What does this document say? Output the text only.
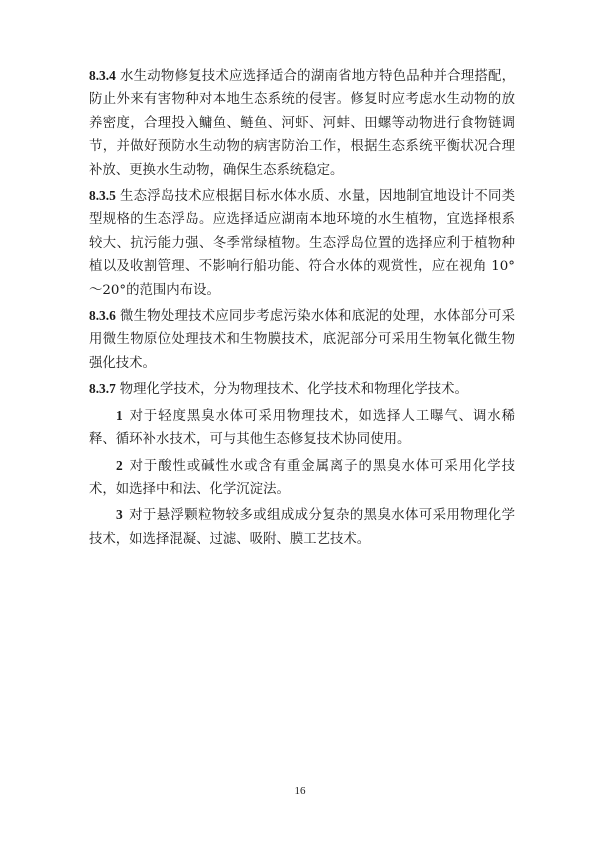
8.3.4 水生动物修复技术应选择适合的湖南省地方特色品种并合理搭配，防止外来有害物种对本地生态系统的侵害。修复时应考虑水生动物的放养密度，合理投入鳙鱼、鲢鱼、河虾、河蚌、田螺等动物进行食物链调节，并做好预防水生动物的病害防治工作，根据生态系统平衡状况合理补放、更换水生动物，确保生态系统稳定。

8.3.5 生态浮岛技术应根据目标水体水质、水量，因地制宜地设计不同类型规格的生态浮岛。应选择适应湖南本地环境的水生植物，宜选择根系较大、抗污能力强、冬季常绿植物。生态浮岛位置的选择应利于植物种植以及收割管理、不影响行船功能、符合水体的观赏性，应在视角 10°～20°的范围内布设。

8.3.6 微生物处理技术应同步考虑污染水体和底泥的处理，水体部分可采用微生物原位处理技术和生物膜技术，底泥部分可采用生物氧化微生物强化技术。

8.3.7 物理化学技术，分为物理技术、化学技术和物理化学技术。

1 对于轻度黑臭水体可采用物理技术，如选择人工曝气、调水稀释、循环补水技术，可与其他生态修复技术协同使用。

2 对于酸性或碱性水或含有重金属离子的黑臭水体可采用化学技术，如选择中和法、化学沉淀法。

3 对于悬浮颗粒物较多或组成成分复杂的黑臭水体可采用物理化学技术，如选择混凝、过滤、吸附、膜工艺技术。

16
